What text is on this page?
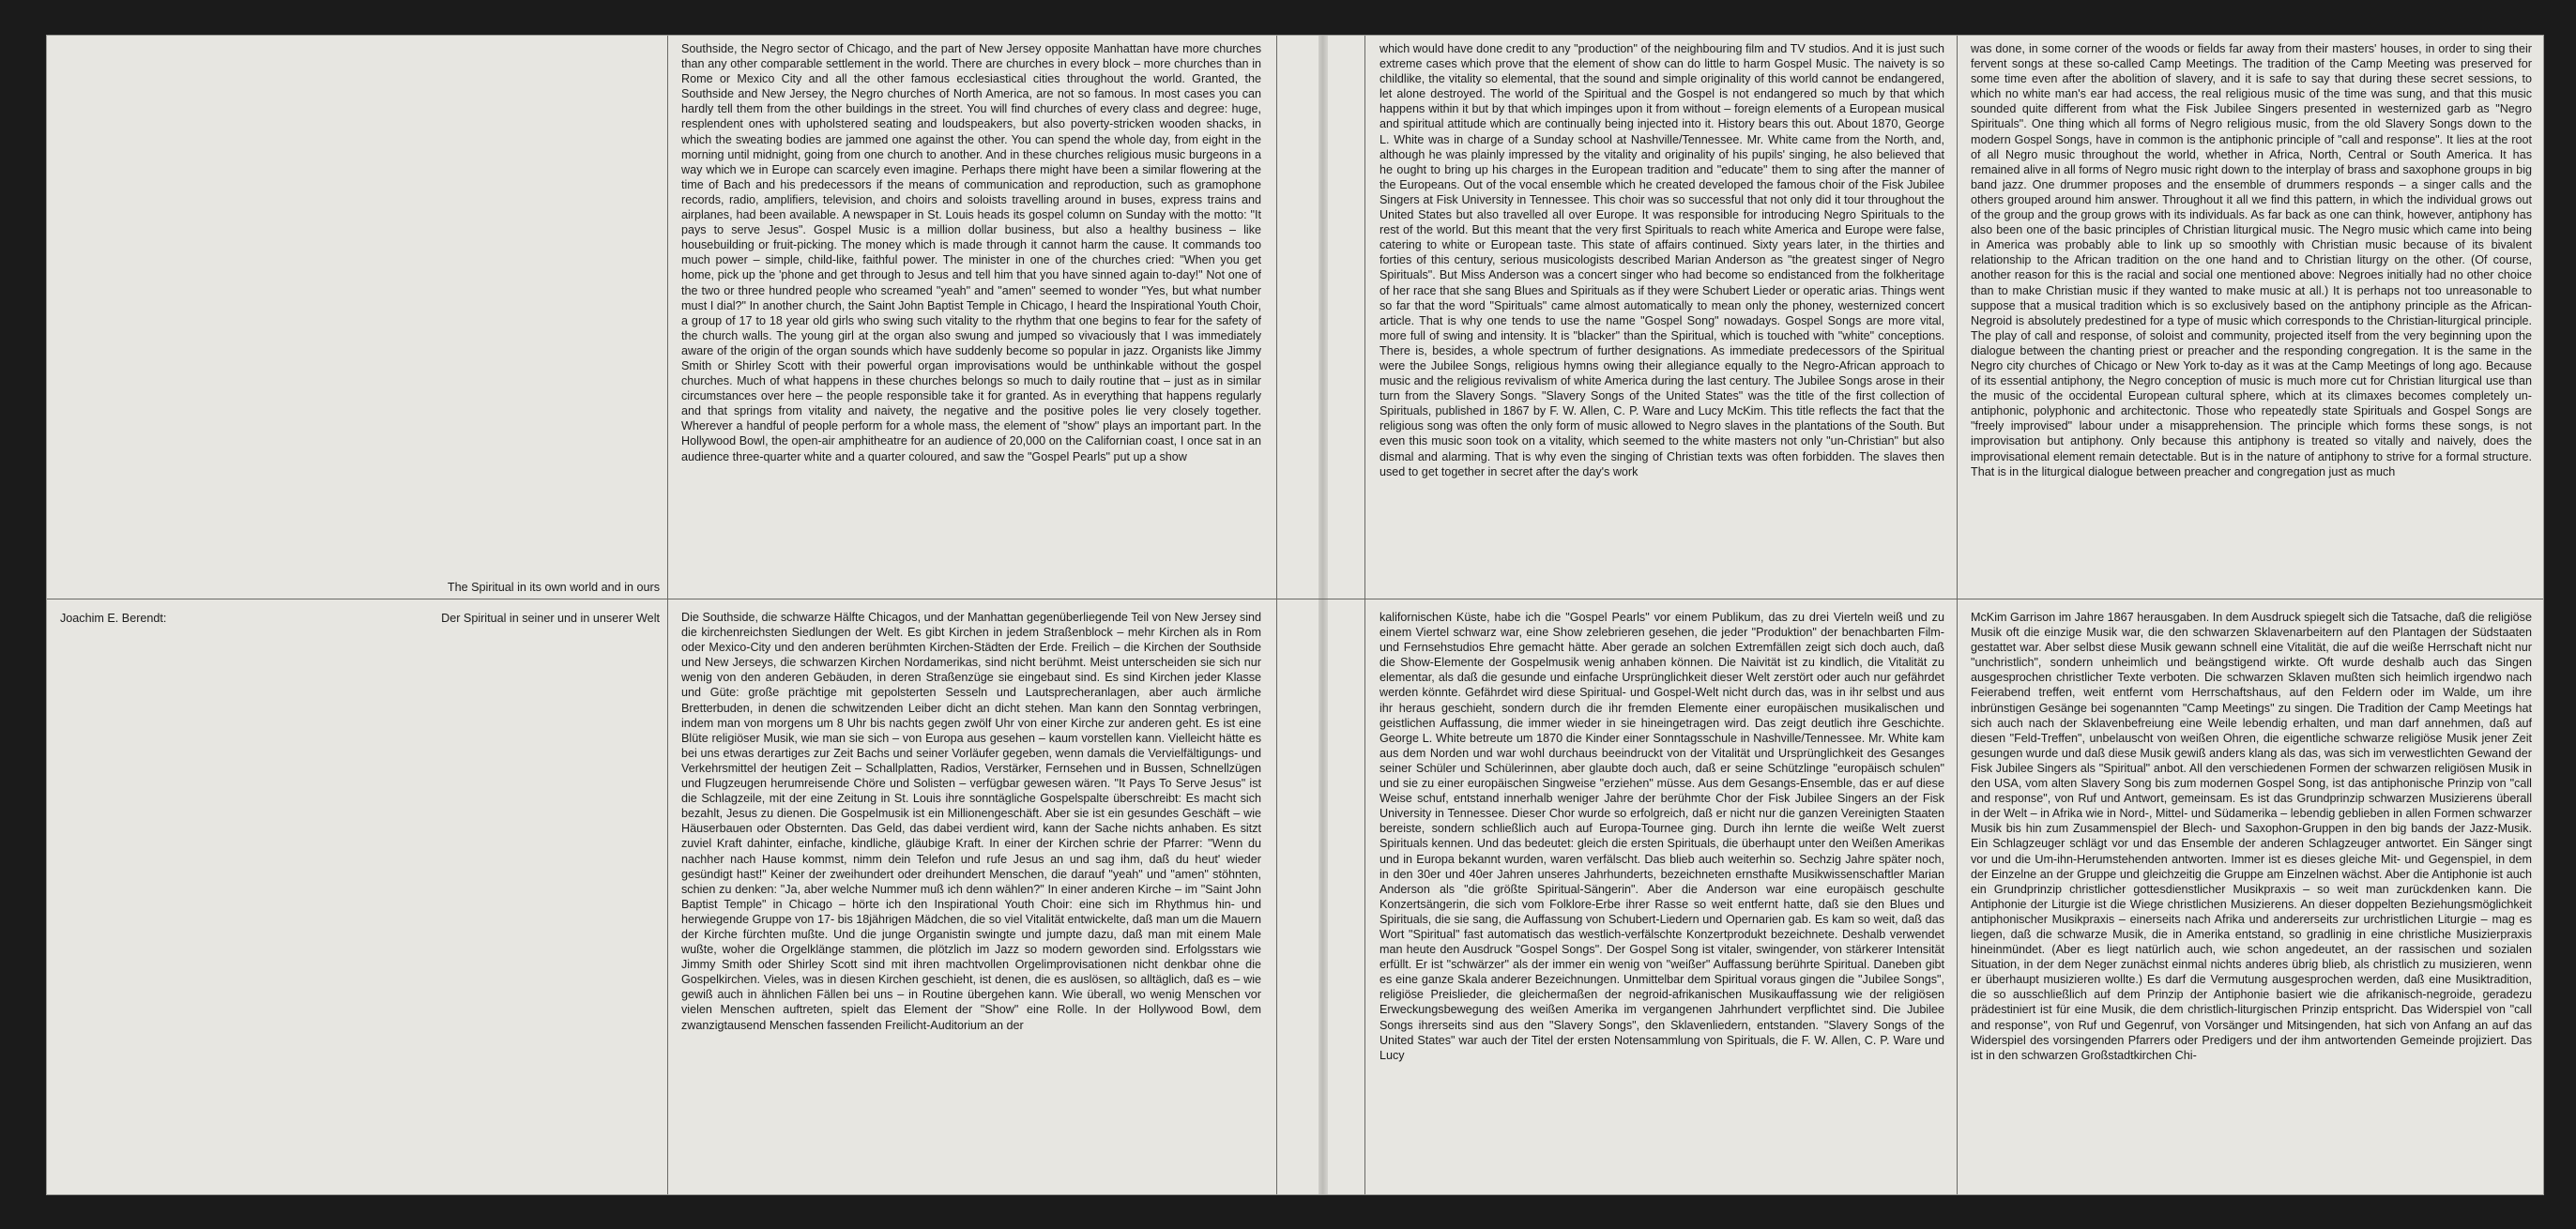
The Spiritual in its own world and in ours
Joachim E. Berendt:	Der Spiritual in seiner und in unserer Welt
Southside, the Negro sector of Chicago, and the part of New Jersey opposite Manhattan have more churches than any other comparable settlement in the world. There are churches in every block – more churches than in Rome or Mexico City and all the other famous ecclesiastical cities throughout the world. Granted, the Southside and New Jersey, the Negro churches of North America, are not so famous. In most cases you can hardly tell them from the other buildings in the street. You will find churches of every class and degree: huge, resplendent ones with upholstered seating and loudspeakers, but also poverty-stricken wooden shacks, in which the sweating bodies are jammed one against the other. You can spend the whole day, from eight in the morning until midnight, going from one church to another. And in these churches religious music burgeons in a way which we in Europe can scarcely even imagine. Perhaps there might have been a similar flowering at the time of Bach and his predecessors if the means of communication and reproduction, such as gramophone records, radio, amplifiers, television, and choirs and soloists travelling around in buses, express trains and airplanes, had been available. A newspaper in St. Louis heads its gospel column on Sunday with the motto: "It pays to serve Jesus". Gospel Music is a million dollar business, but also a healthy business – like housebuilding or fruit-picking. The money which is made through it cannot harm the cause. It commands too much power – simple, child-like, faithful power. The minister in one of the churches cried: "When you get home, pick up the 'phone and get through to Jesus and tell him that you have sinned again to-day!" Not one of the two or three hundred people who screamed "yeah" and "amen" seemed to wonder "Yes, but what number must I dial?" In another church, the Saint John Baptist Temple in Chicago, I heard the Inspirational Youth Choir, a group of 17 to 18 year old girls who swing such vitality to the rhythm that one begins to fear for the safety of the church walls. The young girl at the organ also swung and jumped so vivaciously that I was immediately aware of the origin of the organ sounds which have suddenly become so popular in jazz. Organists like Jimmy Smith or Shirley Scott with their powerful organ improvisations would be unthinkable without the gospel churches. Much of what happens in these churches belongs so much to daily routine that – just as in similar circumstances over here – the people responsible take it for granted. As in everything that happens regularly and that springs from vitality and naivety, the negative and the positive poles lie very closely together. Wherever a handful of people perform for a whole mass, the element of "show" plays an important part. In the Hollywood Bowl, the open-air amphitheatre for an audience of 20,000 on the Californian coast, I once sat in an audience three-quarter white and a quarter coloured, and saw the "Gospel Pearls" put up a show
which would have done credit to any "production" of the neighbouring film and TV studios. And it is just such extreme cases which prove that the element of show can do little to harm Gospel Music. The naivety is so childlike, the vitality so elemental, that the sound and simple originality of this world cannot be endangered, let alone destroyed. The world of the Spiritual and the Gospel is not endangered so much by that which happens within it but by that which impinges upon it from without – foreign elements of a European musical and spiritual attitude which are continually being injected into it. History bears this out. About 1870, George L. White was in charge of a Sunday school at Nashville/Tennessee. Mr. White came from the North, and, although he was plainly impressed by the vitality and originality of his pupils' singing, he also believed that he ought to bring up his charges in the European tradition and "educate" them to sing after the manner of the Europeans. Out of the vocal ensemble which he created developed the famous choir of the Fisk Jubilee Singers at Fisk University in Tennessee. This choir was so successful that not only did it tour throughout the United States but also travelled all over Europe. It was responsible for introducing Negro Spirituals to the rest of the world. But this meant that the very first Spirituals to reach white America and Europe were false, catering to white or European taste. This state of affairs continued. Sixty years later, in the thirties and forties of this century, serious musicologists described Marian Anderson as "the greatest singer of Negro Spirituals". But Miss Anderson was a concert singer who had become so endistanced from the folkheritage of her race that she sang Blues and Spirituals as if they were Schubert Lieder or operatic arias. Things went so far that the word "Spirituals" came almost automatically to mean only the phoney, westernized concert article. That is why one tends to use the name "Gospel Song" nowadays. Gospel Songs are more vital, more full of swing and intensity. It is "blacker" than the Spiritual, which is touched with "white" conceptions. There is, besides, a whole spectrum of further designations. As immediate predecessors of the Spiritual were the Jubilee Songs, religious hymns owing their allegiance equally to the Negro-African approach to music and the religious revivalism of white America during the last century. The Jubilee Songs arose in their turn from the Slavery Songs. "Slavery Songs of the United States" was the title of the first collection of Spirituals, published in 1867 by F. W. Allen, C. P. Ware and Lucy McKim. This title reflects the fact that the religious song was often the only form of music allowed to Negro slaves in the plantations of the South. But even this music soon took on a vitality, which seemed to the white masters not only "un-Christian" but also dismal and alarming. That is why even the singing of Christian texts was often forbidden. The slaves then used to get together in secret after the day's work
was done, in some corner of the woods or fields far away from their masters' houses, in order to sing their fervent songs at these so-called Camp Meetings. The tradition of the Camp Meeting was preserved for some time even after the abolition of slavery, and it is safe to say that during these secret sessions, to which no white man's ear had access, the real religious music of the time was sung, and that this music sounded quite different from what the Fisk Jubilee Singers presented in westernized garb as "Negro Spirituals". One thing which all forms of Negro religious music, from the old Slavery Songs down to the modern Gospel Songs, have in common is the antiphonic principle of "call and response". It lies at the root of all Negro music throughout the world, whether in Africa, North, Central or South America. It has remained alive in all forms of Negro music right down to the interplay of brass and saxophone groups in big band jazz. One drummer proposes and the ensemble of drummers responds – a singer calls and the others grouped around him answer. Throughout it all we find this pattern, in which the individual grows out of the group and the group grows with its individuals. As far back as one can think, however, antiphony has also been one of the basic principles of Christian liturgical music. The Negro music which came into being in America was probably able to link up so smoothly with Christian music because of its bivalent relationship to the African tradition on the one hand and to Christian liturgy on the other. (Of course, another reason for this is the racial and social one mentioned above: Negroes initially had no other choice than to make Christian music if they wanted to make music at all.) It is perhaps not too unreasonable to suppose that a musical tradition which is so exclusively based on the antiphony principle as the African-Negroid is absolutely predestined for a type of music which corresponds to the Christian-liturgical principle. The play of call and response, of soloist and community, projected itself from the very beginning upon the dialogue between the chanting priest or preacher and the responding congregation. It is the same in the Negro city churches of Chicago or New York to-day as it was at the Camp Meetings of long ago. Because of its essential antiphony, the Negro conception of music is much more cut for Christian liturgical use than the music of the occidental European cultural sphere, which at its climaxes becomes completely un-antiphonic, polyphonic and architectonic. Those who repeatedly state Spirituals and Gospel Songs are "freely improvised" labour under a misapprehension. The principle which forms these songs, is not improvisation but antiphony. Only because this antiphony is treated so vitally and naively, does the improvisational element remain detectable. But is in the nature of antiphony to strive for a formal structure. That is in the liturgical dialogue between preacher and congregation just as much
Die Southside, die schwarze Hälfte Chicagos, und der Manhattan gegenüberliegende Teil von New Jersey sind die kirchenreichsten Siedlungen der Welt. Es gibt Kirchen in jedem Straßenblock – mehr Kirchen als in Rom oder Mexico-City und den anderen berühmten Kirchen-Städten der Erde. Freilich – die Kirchen der Southside und New Jerseys, die schwarzen Kirchen Nordamerikas, sind nicht berühmt. Meist unterscheiden sie sich nur wenig von den anderen Gebäuden, in deren Straßenzüge sie eingebaut sind. Es sind Kirchen jeder Klasse und Güte: große prächtige mit gepolsterten Sesseln und Lautsprecheranlagen, aber auch ärmliche Bretterbuden, in denen die schwitzenden Leiber dicht an dicht stehen. Man kann den Sonntag verbringen, indem man von morgens um 8 Uhr bis nachts gegen zwölf Uhr von einer Kirche zur anderen geht. Es ist eine Blüte religiöser Musik, wie man sie sich – von Europa aus gesehen – kaum vorstellen kann. Vielleicht hätte es bei uns etwas derartiges zur Zeit Bachs und seiner Vorläufer gegeben, wenn damals die Vervielfältigungs- und Verkehrsmittel der heutigen Zeit – Schallplatten, Radios, Verstärker, Fernsehen und in Bussen, Schnellzügen und Flugzeugen herumreisende Chöre und Solisten – verfügbar gewesen wären. "It Pays To Serve Jesus" ist die Schlagzeile, mit der eine Zeitung in St. Louis ihre sonntägliche Gospelspalte überschreibt: Es macht sich bezahlt, Jesus zu dienen. Die Gospelmusik ist ein Millionengeschäft. Aber sie ist ein gesundes Geschäft – wie Häuserbauen oder Obsternten. Das Geld, das dabei verdient wird, kann der Sache nichts anhaben. Es sitzt zuviel Kraft dahinter, einfache, kindliche, gläubige Kraft. In einer der Kirchen schrie der Pfarrer: "Wenn du nachher nach Hause kommst, nimm dein Telefon und rufe Jesus an und sag ihm, daß du heut' wieder gesündigt hast!" Keiner der zweihundert oder dreihundert Menschen, die darauf "yeah" und "amen" stöhnten, schien zu denken: "Ja, aber welche Nummer muß ich denn wählen?" In einer anderen Kirche – im "Saint John Baptist Temple" in Chicago – hörte ich den Inspirational Youth Choir: eine sich im Rhythmus hin- und herwiegende Gruppe von 17- bis 18jährigen Mädchen, die so viel Vitalität entwickelte, daß man um die Mauern der Kirche fürchten mußte. Und die junge Organistin swingte und jumpte dazu, daß man mit einem Male wußte, woher die Orgelklänge stammen, die plötzlich im Jazz so modern geworden sind. Erfolgsstars wie Jimmy Smith oder Shirley Scott sind mit ihren machtvollen Orgelimprovisationen nicht denkbar ohne die Gospelkirchen. Vieles, was in diesen Kirchen geschieht, ist denen, die es auslösen, so alltäglich, daß es – wie gewiß auch in ähnlichen Fällen bei uns – in Routine übergehen kann. Wie überall, wo wenig Menschen vor vielen Menschen auftreten, spielt das Element der "Show" eine Rolle. In der Hollywood Bowl, dem zwanzigtausend Menschen fassenden Freilicht-Auditorium an der
kalifornischen Küste, habe ich die "Gospel Pearls" vor einem Publikum, das zu drei Vierteln weiß und zu einem Viertel schwarz war, eine Show zelebrieren gesehen, die jeder "Produktion" der benachbarten Film- und Fernsehstudios Ehre gemacht hätte. Aber gerade an solchen Extremfällen zeigt sich doch auch, daß die Show-Elemente der Gospelmusik wenig anhaben können. Die Naivität ist zu kindlich, die Vitalität zu elementar, als daß die gesunde und einfache Ursprünglichkeit dieser Welt zerstört oder auch nur gefährdet werden könnte. Gefährdet wird diese Spiritual- und Gospel-Welt nicht durch das, was in ihr selbst und aus ihr heraus geschieht, sondern durch die ihr fremden Elemente einer europäischen musikalischen und geistlichen Auffassung, die immer wieder in sie hineingetragen wird. Das zeigt deutlich ihre Geschichte. George L. White betreute um 1870 die Kinder einer Sonntagsschule in Nashville/Tennessee. Mr. White kam aus dem Norden und war wohl durchaus beeindruckt von der Vitalität und Ursprünglichkeit des Gesanges seiner Schüler und Schülerinnen, aber glaubte doch auch, daß er seine Schützlinge "europäisch schulen" und sie zu einer europäischen Singweise "erziehen" müsse. Aus dem Gesangs-Ensemble, das er auf diese Weise schuf, entstand innerhalb weniger Jahre der berühmte Chor der Fisk Jubilee Singers an der Fisk University in Tennessee. Dieser Chor wurde so erfolgreich, daß er nicht nur die ganzen Vereinigten Staaten bereiste, sondern schließlich auch auf Europa-Tournee ging. Durch ihn lernte die weiße Welt zuerst Spirituals kennen. Und das bedeutet: gleich die ersten Spirituals, die überhaupt unter den Weißen Amerikas und in Europa bekannt wurden, waren verfälscht. Das blieb auch weiterhin so. Sechzig Jahre später noch, in den 30er und 40er Jahren unseres Jahrhunderts, bezeichneten ernsthafte Musikwissenschaftler Marian Anderson als "die größte Spiritual-Sängerin". Aber die Anderson war eine europäisch geschulte Konzertsängerin, die sich vom Folklore-Erbe ihrer Rasse so weit entfernt hatte, daß sie den Blues und Spirituals, die sie sang, die Auffassung von Schubert-Liedern und Opernarien gab. Es kam so weit, daß das Wort "Spiritual" fast automatisch das westlich-verfälschte Konzertprodukt bezeichnete. Deshalb verwendet man heute den Ausdruck "Gospel Songs". Der Gospel Song ist vitaler, swingender, von stärkerer Intensität erfüllt. Er ist "schwärzer" als der immer ein wenig von "weißer" Auffassung berührte Spiritual. Daneben gibt es eine ganze Skala anderer Bezeichnungen. Unmittelbar dem Spiritual voraus gingen die "Jubilee Songs", religiöse Preislieder, die gleichermaßen der negroid-afrikanischen Musikauffassung wie der religiösen Erweckungsbewegung des weißen Amerika im vergangenen Jahrhundert verpflichtet sind. Die Jubilee Songs ihrerseits sind aus den "Slavery Songs", den Sklavenliedern, entstanden. "Slavery Songs of the United States" war auch der Titel der ersten Notensammlung von Spirituals, die F. W. Allen, C. P. Ware und Lucy
McKim Garrison im Jahre 1867 herausgaben. In dem Ausdruck spiegelt sich die Tatsache, daß die religiöse Musik oft die einzige Musik war, die den schwarzen Sklavenarbeitern auf den Plantagen der Südstaaten gestattet war. Aber selbst diese Musik gewann schnell eine Vitalität, die auf die weiße Herrschaft nicht nur "unchristlich", sondern unheimlich und beängstigend wirkte. Oft wurde deshalb auch das Singen ausgesprochen christlicher Texte verboten. Die schwarzen Sklaven mußten sich heimlich irgendwo nach Feierabend treffen, weit entfernt vom Herrschaftshaus, auf den Feldern oder im Walde, um ihre inbrünstigen Gesänge bei sogenannten "Camp Meetings" zu singen. Die Tradition der Camp Meetings hat sich auch nach der Sklavenbefreiung eine Weile lebendig erhalten, und man darf annehmen, daß auf diesen "Feld-Treffen", unbelauscht von weißen Ohren, die eigentliche schwarze religiöse Musik jener Zeit gesungen wurde und daß diese Musik gewiß anders klang als das, was sich im verwestlichten Gewand der Fisk Jubilee Singers als "Spiritual" anbot. All den verschiedenen Formen der schwarzen religiösen Musik in den USA, vom alten Slavery Song bis zum modernen Gospel Song, ist das antiphonische Prinzip von "call and response", von Ruf und Antwort, gemeinsam. Es ist das Grundprinzip schwarzen Musizierens überall in der Welt – in Afrika wie in Nord-, Mittel- und Südamerika – lebendig geblieben in allen Formen schwarzer Musik bis hin zum Zusammenspiel der Blech- und Saxophon-Gruppen in den big bands der Jazz-Musik. Ein Schlagzeuger schlägt vor und das Ensemble der anderen Schlagzeuger antwortet. Ein Sänger singt vor und die Um-ihn-Herumstehenden antworten. Immer ist es dieses gleiche Mit- und Gegenspiel, in dem der Einzelne an der Gruppe und gleichzeitig die Gruppe am Einzelnen wächst. Aber die Antiphonie ist auch ein Grundprinzip christlicher gottesdienstlicher Musikpraxis – so weit man zurückdenken kann. Die Antiphonie der Liturgie ist die Wiege christlichen Musizierens. An dieser doppelten Beziehungsmöglichkeit antiphonischer Musikpraxis – einerseits nach Afrika und andererseits zur urchristlichen Liturgie – mag es liegen, daß die schwarze Musik, die in Amerika entstand, so gradlinig in eine christliche Musizierpraxis hineinmündet. (Aber es liegt natürlich auch, wie schon angedeutet, an der rassischen und sozialen Situation, in der dem Neger zunächst einmal nichts anderes übrig blieb, als christlich zu musizieren, wenn er überhaupt musizieren wollte.) Es darf die Vermutung ausgesprochen werden, daß eine Musiktradition, die so ausschließlich auf dem Prinzip der Antiphonie basiert wie die afrikanisch-negroide, geradezu prädestiniert ist für eine Musik, die dem christlich-liturgischen Prinzip entspricht. Das Widerspiel von "call and response", von Ruf und Gegenruf, von Vorsänger und Mitsingenden, hat sich von Anfang an auf das Widerspiel des vorsingenden Pfarrers oder Predigers und der ihm antwortenden Gemeinde projiziert. Das ist in den schwarzen Großstadtkirchen Chi-
